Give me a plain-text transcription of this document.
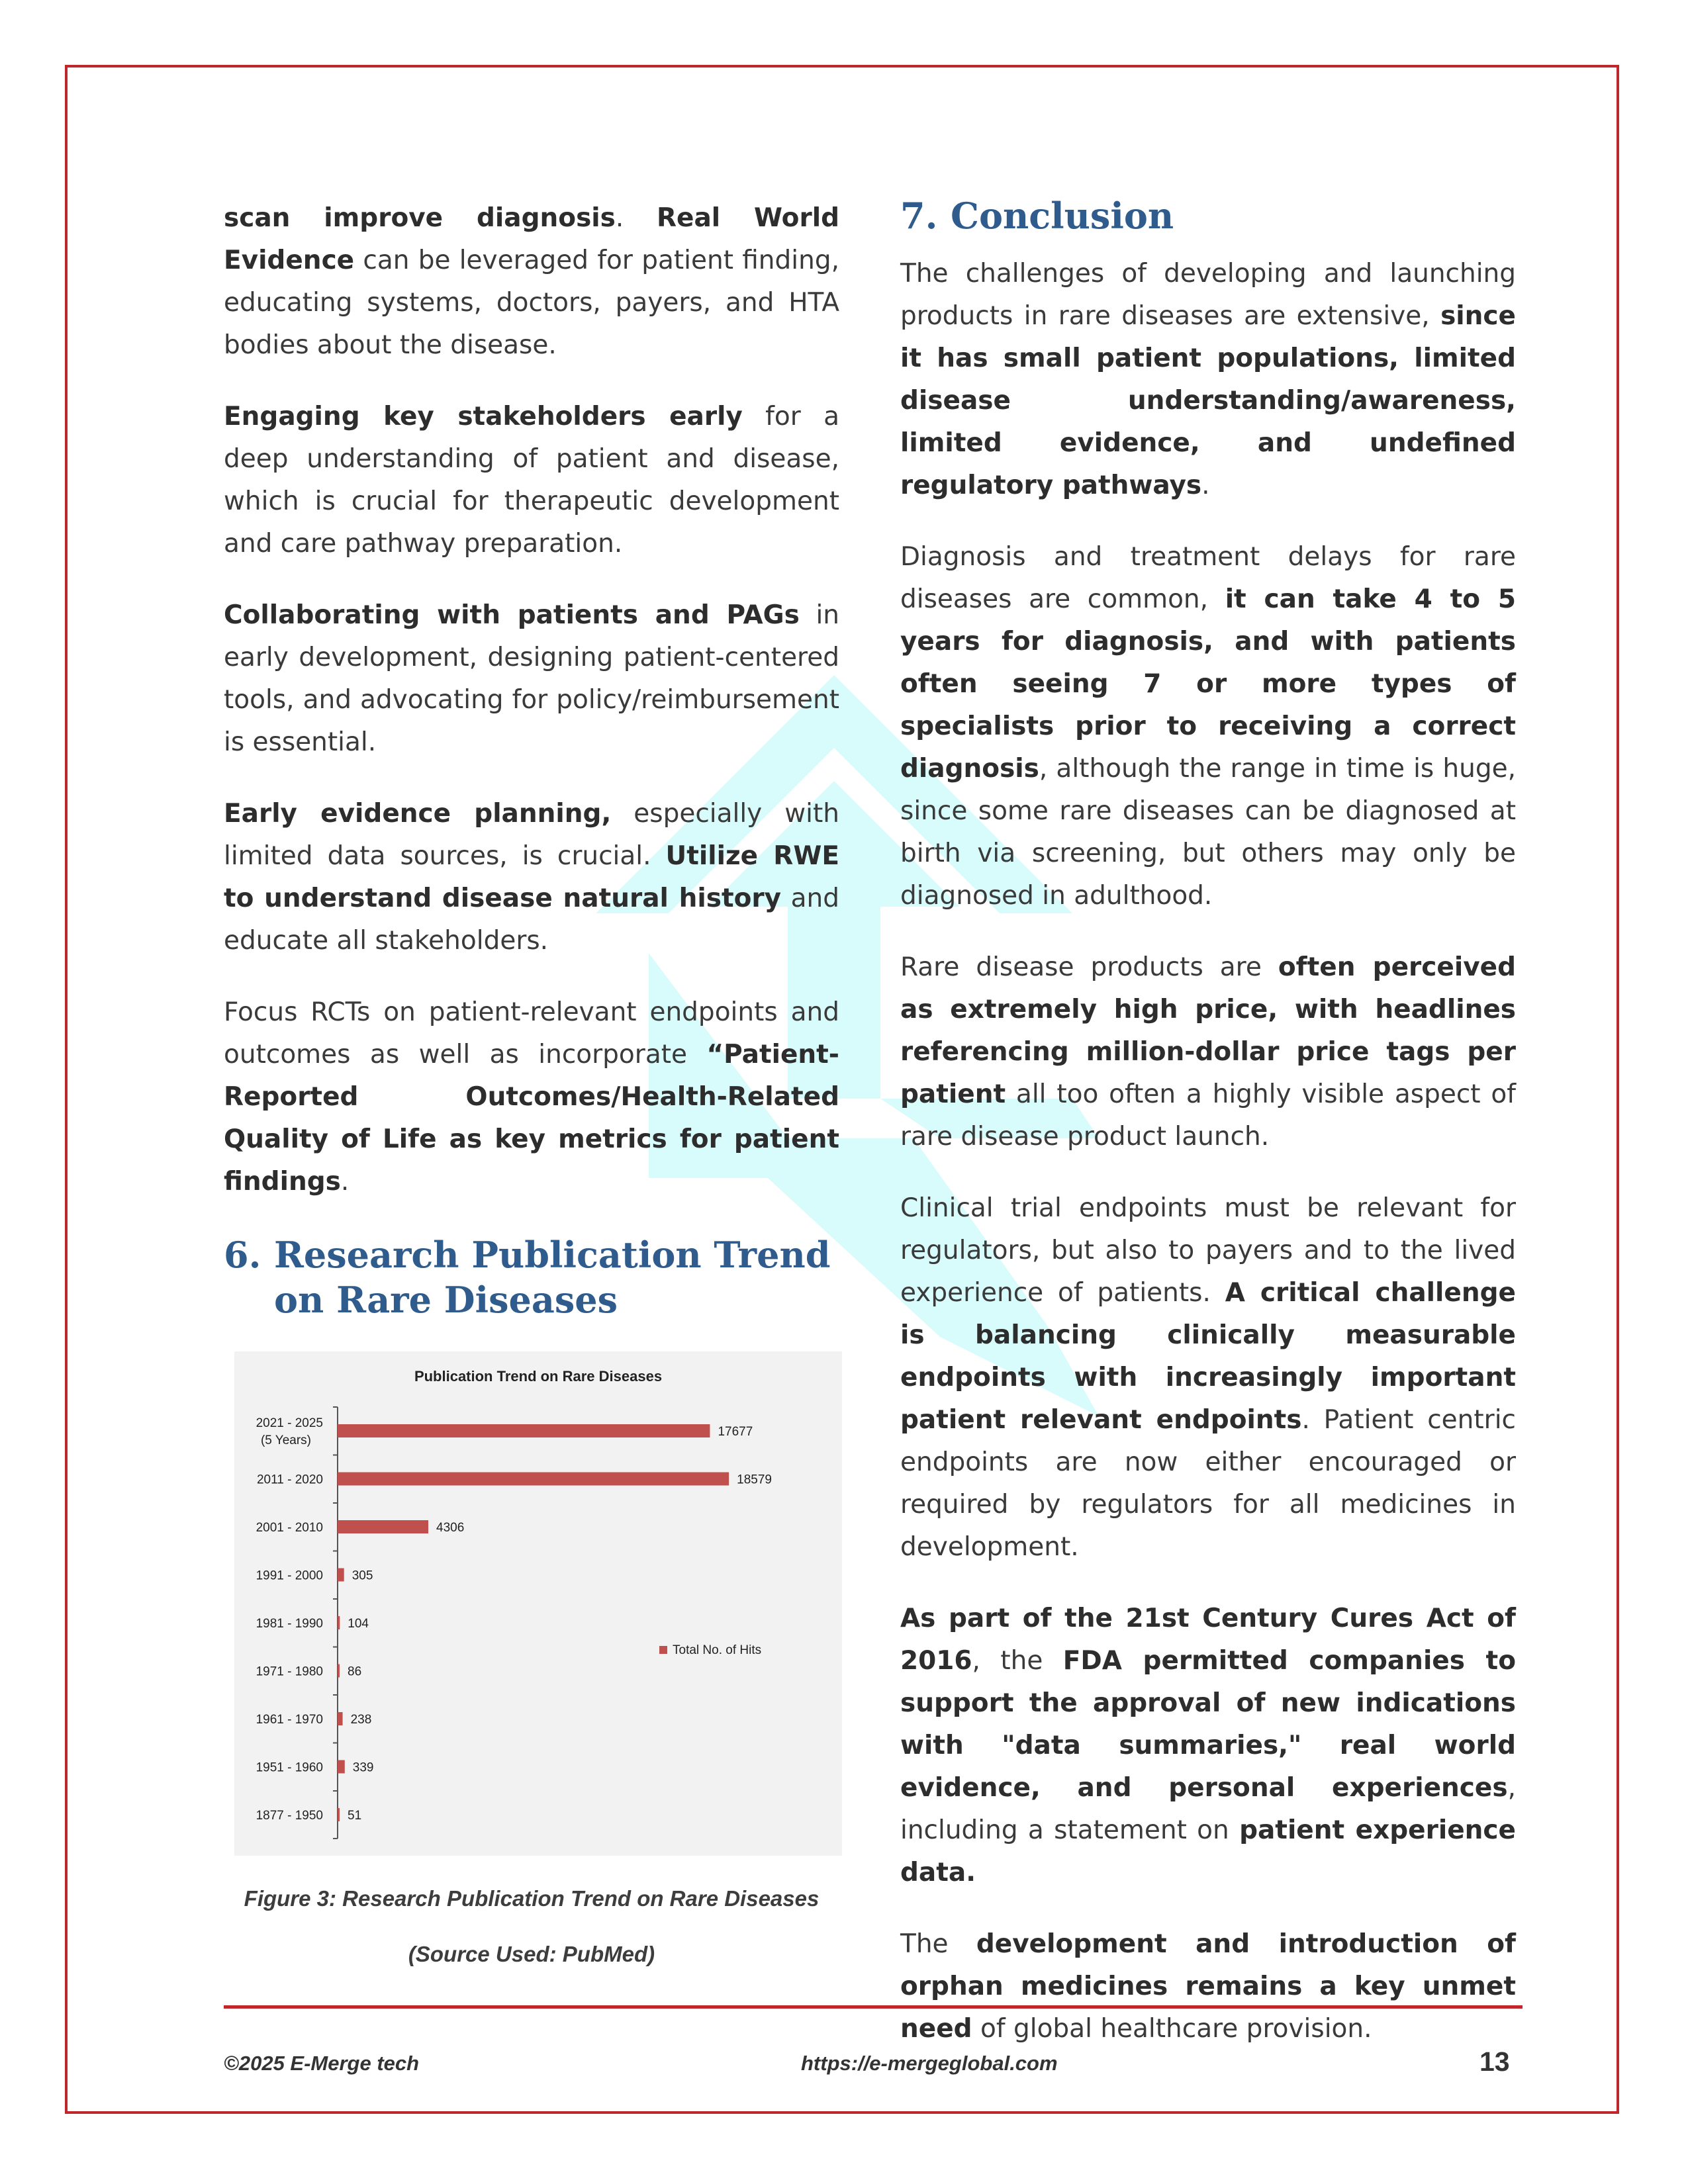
scan improve diagnosis. Real World Evidence can be leveraged for patient finding, educating systems, doctors, payers, and HTA bodies about the disease.

Engaging key stakeholders early for a deep understanding of patient and disease, which is crucial for therapeutic development and care pathway preparation.

Collaborating with patients and PAGs in early development, designing patient-centered tools, and advocating for policy/reimbursement is essential.

Early evidence planning, especially with limited data sources, is crucial. Utilize RWE to understand disease natural history and educate all stakeholders.

Focus RCTs on patient-relevant endpoints and outcomes as well as incorporate “Patient-Reported Outcomes/Health-Related Quality of Life as key metrics for patient findings.

6. Research Publication Trend on Rare Diseases
Publication Trend on Rare Diseases
2021 - 2025 (5 Years)
17677
2011 - 2020	18579
2001 - 2010	4306
1991 - 2000 305
1981 - 1990 104
1971 - 1980 86
1961 - 1970 238
1951 - 1960 339
1877 - 1950 51
Total No. of Hits
Figure 3: Research Publication Trend on Rare Diseases
(Source Used: PubMed)
7. Conclusion

The challenges of developing and launching products in rare diseases are extensive, since it has small patient populations, limited disease understanding/awareness, limited evidence, and undefined regulatory pathways.

Diagnosis and treatment delays for rare diseases are common, it can take 4 to 5 years for diagnosis, and with patients often seeing 7 or more types of specialists prior to receiving a correct diagnosis, although the range in time is huge, since some rare diseases can be diagnosed at birth via screening, but others may only be diagnosed in adulthood.

Rare disease products are often perceived as extremely high price, with headlines referencing million-dollar price tags per patient all too often a highly visible aspect of rare disease product launch.

Clinical trial endpoints must be relevant for regulators, but also to payers and to the lived experience of patients. A critical challenge is balancing clinically measurable endpoints with increasingly important patient relevant endpoints. Patient centric endpoints are now either encouraged or required by regulators for all medicines in development.

As part of the 21st Century Cures Act of 2016, the FDA permitted companies to support the approval of new indications with "data summaries," real world evidence, and personal experiences, including a statement on patient experience data.

The development and introduction of orphan medicines remains a key unmet need of global healthcare provision.

©2025 E-Merge tech	https://e-mergeglobal.com	13
